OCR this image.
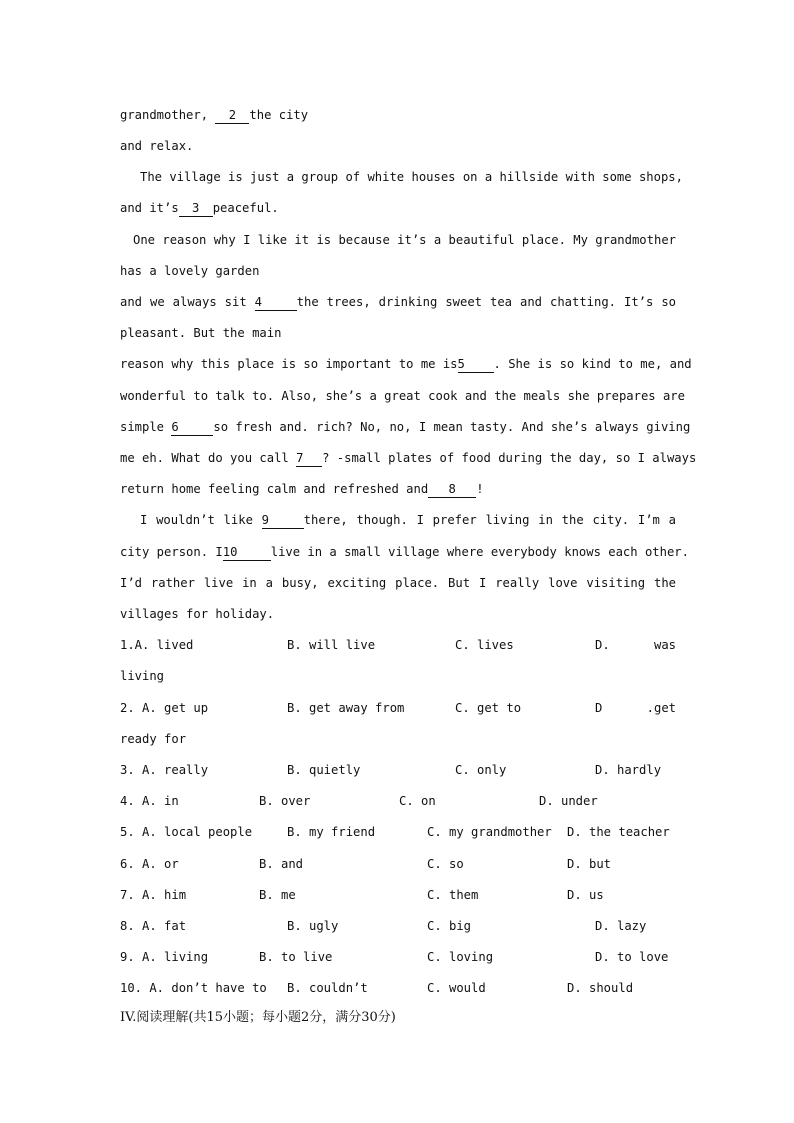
grandmother, 2 the city
and relax.
The village is just a group of white houses on a hillside with some shops,
and it’s 3 peaceful.
One reason why I like it is because it’s a beautiful place. My grandmother
has a lovely garden
and we always sit 4	the trees, drinking sweet tea and chatting. It’s so
pleasant. But the main
reason why this place is so important to me is5 . She is so kind to me, and
wonderful to talk to. Also, she’s a great cook and the meals she prepares are
simple 6	so fresh and. rich? No, no, I mean tasty. And she’s always giving
me eh. What do you call 7 ? -small plates of food during the day, so I always
return home feeling calm and refreshed and 8 !
I wouldn’t like 9	there, though. I prefer living in the city. I’m a
city person. I10	live in a small village where everybody knows each other.
I’d rather live in a busy, exciting place. But I really love visiting the
villages for holiday.
1.A. lived	B. will live	C. lives	D.	was
living
2. A. get up	B. get away from	C. get to	D	.get
ready for
3. A. really	B. quietly	C. only	D. hardly
4. A. in	B. over	C. on	D. under
5. A. local people	B. my friend	C. my grandmother D. the teacher
6. A. or	B. and	C. so	D. but
7. A. him	B. me	C. them	D. us
8. A. fat	B. ugly	C. big	D. lazy
9. A. living	B. to live	C. loving	D. to love
10. A. don’t have to B. couldn’t	C. would	D. should
IV.阅读理解(共15小题；每小题2分，满分30分)
